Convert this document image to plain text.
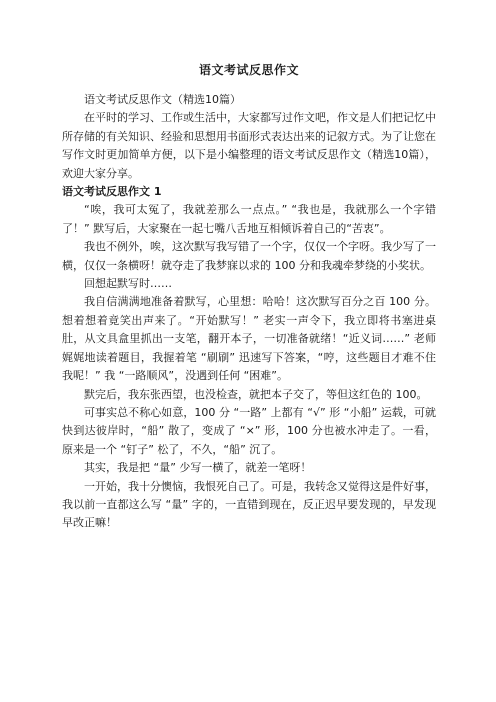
语文考试反思作文

语文考试反思作文（精选10篇）

在平时的学习、工作或生活中，大家都写过作文吧，作文是人们把记忆中所存储的有关知识、经验和思想用书面形式表达出来的记叙方式。为了让您在写作文时更加简单方便，以下是小编整理的语文考试反思作文（精选10篇），欢迎大家分享。

语文考试反思作文 1

“唉，我可太冤了，我就差那么一点点。” “我也是，我就那么一个字错了！” 默写后，大家聚在一起七嘴八舌地互相倾诉着自己的“苦衷”。

我也不例外，唉，这次默写我写错了一个字，仅仅一个字呀。我少写了一横，仅仅一条横呀！就夺走了我梦寐以求的 100 分和我魂牵梦绕的小奖状。

回想起默写时……

我自信满满地准备着默写，心里想：哈哈！这次默写百分之百 100 分。想着想着竟笑出声来了。“开始默写！” 老实一声令下，我立即将书塞进桌肚，从文具盒里抓出一支笔，翻开本子，一切准备就绪！“近义词……” 老师娓娓地读着题目，我握着笔 “刷刷” 迅速写下答案，“哼，这些题目才难不住我呢！” 我 “一路顺风”，没遇到任何 “困难”。

默完后，我东张西望，也没检查，就把本子交了，等但这红色的 100。

可事实总不称心如意，100 分 “一路” 上都有 “√” 形 “小船” 运载，可就快到达彼岸时，“船” 散了，变成了 “×” 形，100 分也被水冲走了。一看，原来是一个 “钉子” 松了，不久，“船” 沉了。

其实，我是把 “量” 少写一横了，就差一笔呀！

一开始，我十分懊恼，我恨死自己了。可是，我转念又觉得这是件好事，我以前一直都这么写 “量” 字的，一直错到现在，反正迟早要发现的，早发现早改正嘛！
